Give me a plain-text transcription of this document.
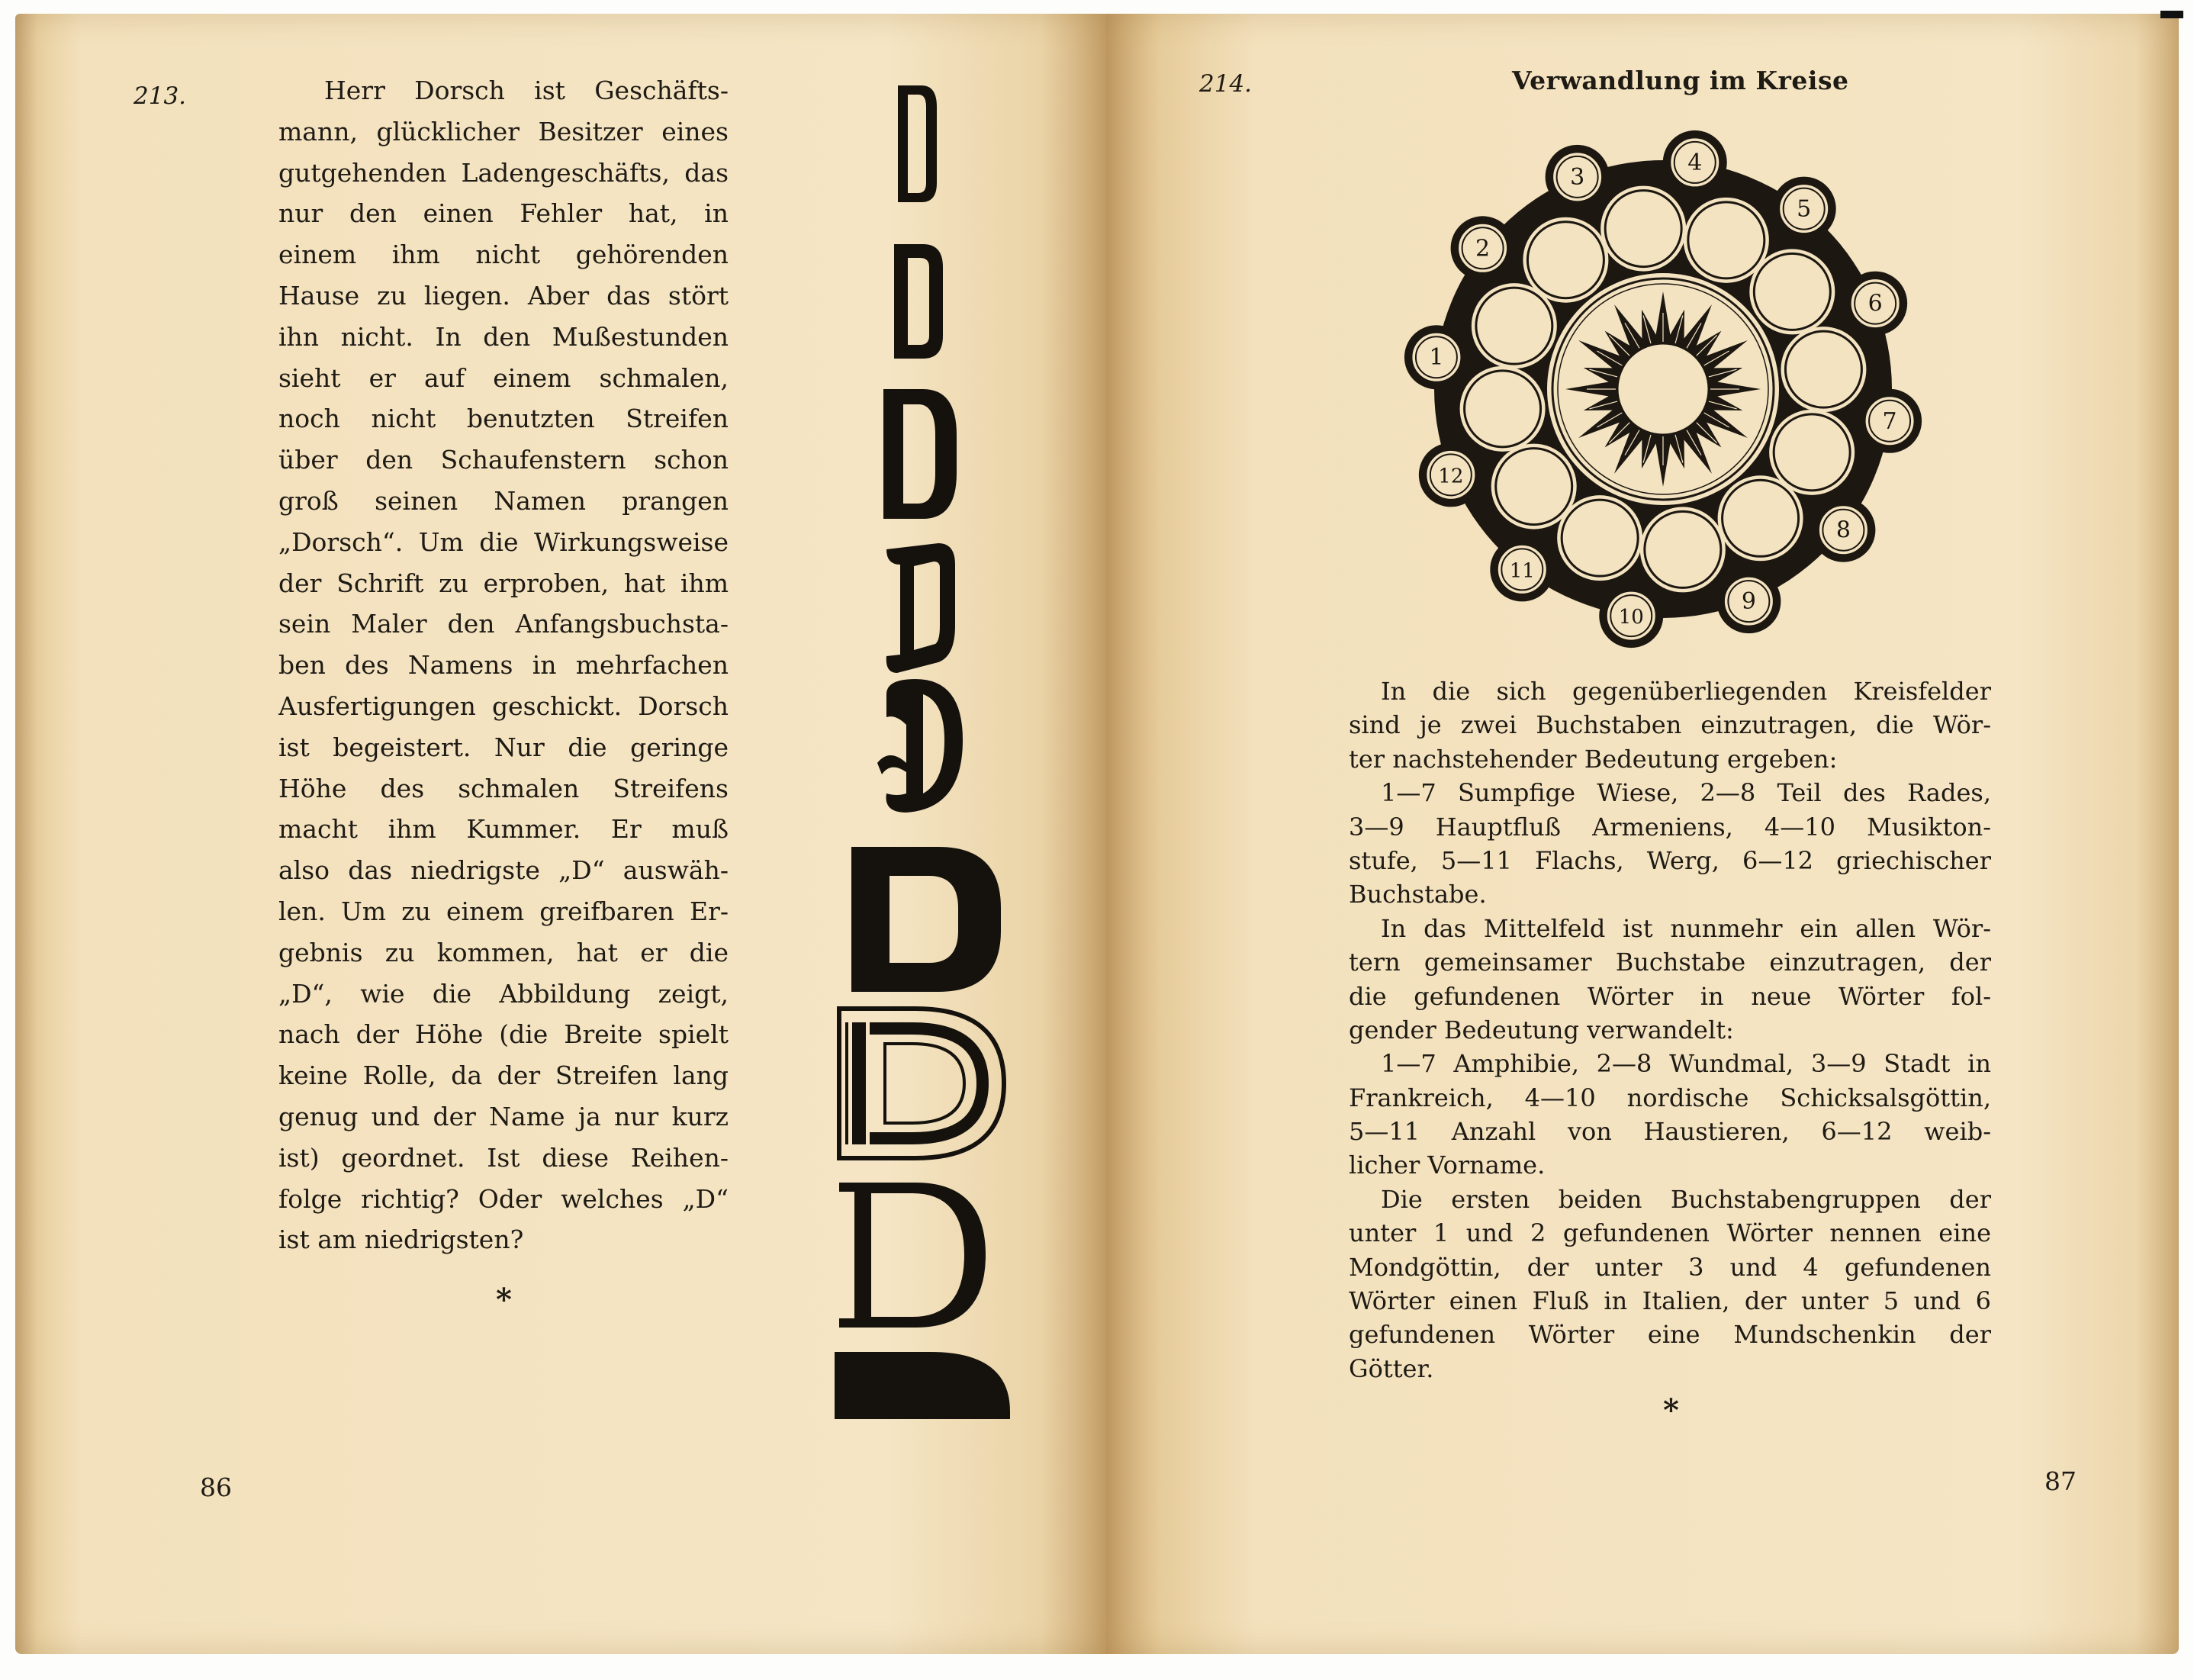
213.	Herr Dorsch ist Geschäfts-
mann, glücklicher Besitzer eines
gutgehenden Ladengeschäfts, das
nur den einen Fehler hat, in
einem ihm nicht gehörenden
Hause zu liegen. Aber das stört
ihn nicht. In den Mußestunden
sieht er auf einem schmalen,
noch nicht benutzten Streifen
über den Schaufenstern schon
groß seinen Namen prangen
„Dorsch“. Um die Wirkungsweise
der Schrift zu erproben, hat ihm
sein Maler den Anfangsbuchsta-
ben des Namens in mehrfachen
Ausfertigungen geschickt. Dorsch
ist begeistert. Nur die geringe
Höhe des schmalen Streifens
macht ihm Kummer. Er muß
also das niedrigste „D“ auswäh-
len. Um zu einem greifbaren Er-
gebnis zu kommen, hat er die
„D“, wie die Abbildung zeigt,
nach der Höhe (die Breite spielt
keine Rolle, da der Streifen lang
genug und der Name ja nur kurz
ist) geordnet. Ist diese Reihen-
folge richtig? Oder welches „D“
ist am niedrigsten?
*
86
214.	Verwandlung im Kreise
1
2
3
4
5
6
7
8
9
10
11
12
In die sich gegenüberliegenden Kreisfelder
sind je zwei Buchstaben einzutragen, die Wör-
ter nachstehender Bedeutung ergeben:
1—7 Sumpfige Wiese, 2—8 Teil des Rades,
3—9 Hauptfluß Armeniens, 4—10 Musikton-
stufe, 5—11 Flachs, Werg, 6—12 griechischer
Buchstabe.
In das Mittelfeld ist nunmehr ein allen Wör-
tern gemeinsamer Buchstabe einzutragen, der
die gefundenen Wörter in neue Wörter fol-
gender Bedeutung verwandelt:
1—7 Amphibie, 2—8 Wundmal, 3—9 Stadt in
Frankreich, 4—10 nordische Schicksalsgöttin,
5—11 Anzahl von Haustieren, 6—12 weib-
licher Vorname.
Die ersten beiden Buchstabengruppen der
unter 1 und 2 gefundenen Wörter nennen eine
Mondgöttin, der unter 3 und 4 gefundenen
Wörter einen Fluß in Italien, der unter 5 und 6
gefundenen Wörter eine Mundschenkin der
Götter.
*
87
